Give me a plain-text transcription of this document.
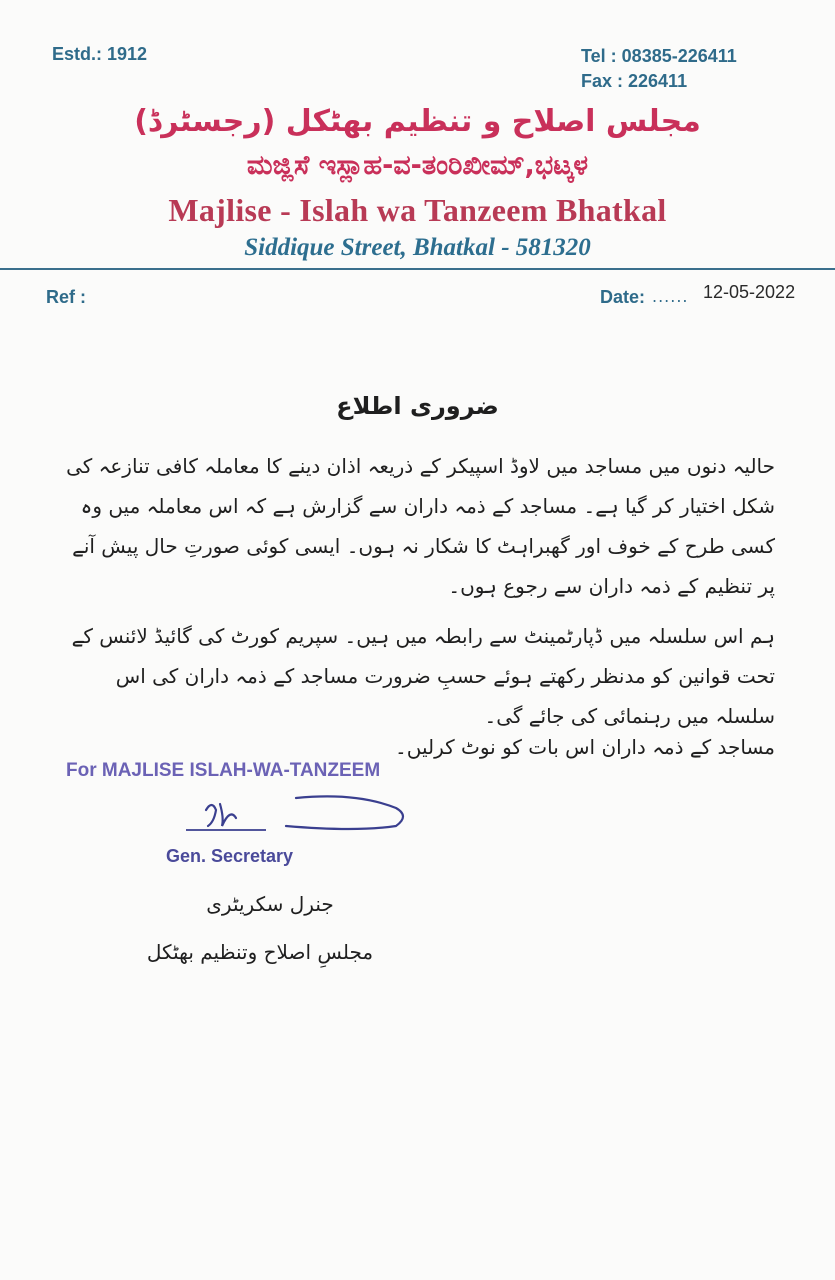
Estd.: 1912	Tel : 08385-226411
Fax : 226411
مجلس اصلاح و تنظیم بھٹکل (رجسٹرڈ)
ಮಜ್ಲಿಸೆ ಇಸ್ಲಾಹ-ವ-ತಂರಿಖೀಮ್,ಭಟ್ಕಳ
Majlise - Islah wa Tanzeem Bhatkal
Siddique Street, Bhatkal - 581320
Ref :	Date: ...... 12-05-2022
ضروری اطلاع
حالیہ دنوں میں مساجد میں لاوڈ اسپیکر کے ذریعہ اذان دینے کا معاملہ کافی تنازعہ کی شکل اختیار کر گیا ہے۔ مساجد کے ذمہ داران سے گزارش ہے کہ اس معاملہ میں وہ کسی طرح کے خوف اور گھبراہٹ کا شکار نہ ہوں۔ ایسی کوئی صورتِ حال پیش آنے پر تنظیم کے ذمہ داران سے رجوع ہوں۔
ہم اس سلسلہ میں ڈپارٹمینٹ سے رابطہ میں ہیں۔ سپریم کورٹ کی گائیڈ لائنس کے تحت قوانین کو مدنظر رکھتے ہوئے حسبِ ضرورت مساجد کے ذمہ داران کی اس سلسلہ میں رہنمائی کی جائے گی۔
مساجد کے ذمہ داران اس بات کو نوٹ کرلیں۔
For MAJLISE ISLAH-WA-TANZEEM
Gen. Secretary
جنرل سکریٹری
مجلسِ اصلاح وتنظیم بھٹکل
